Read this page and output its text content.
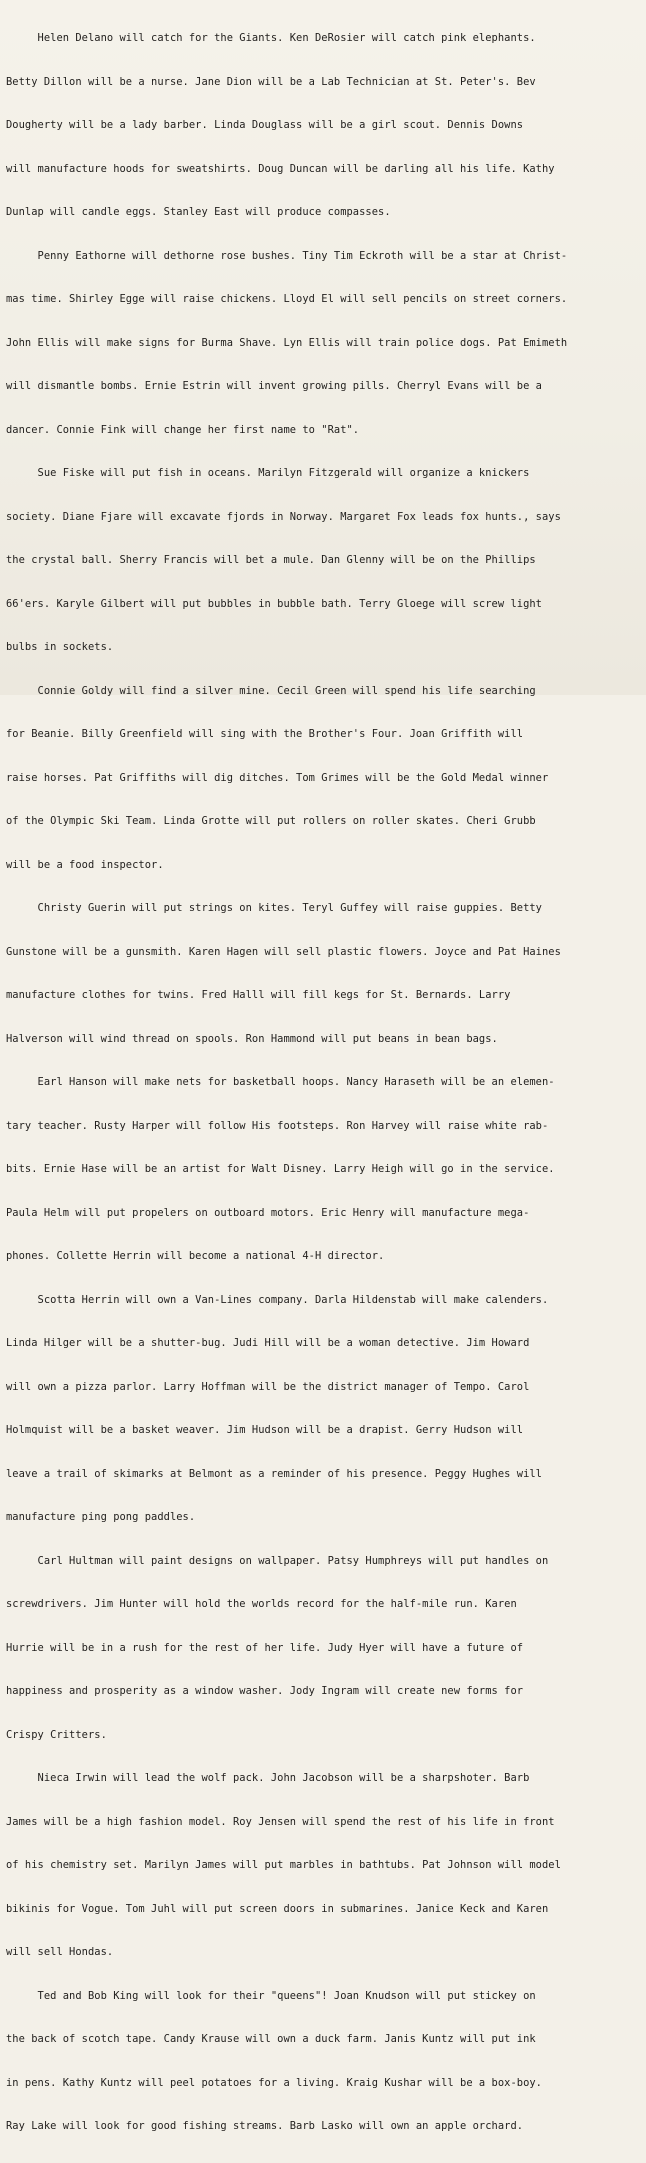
Helen Delano will catch for the Giants. Ken DeRosier will catch pink elephants.

Betty Dillon will be a nurse. Jane Dion will be a Lab Technician at St. Peter's. Bev

Dougherty will be a lady barber. Linda Douglass will be a girl scout. Dennis Downs

will manufacture hoods for sweatshirts. Doug Duncan will be darling all his life. Kathy

Dunlap will candle eggs. Stanley East will produce compasses.

Penny Eathorne will dethorne rose bushes. Tiny Tim Eckroth will be a star at Christ-

mas time. Shirley Egge will raise chickens. Lloyd El will sell pencils on street corners.

John Ellis will make signs for Burma Shave. Lyn Ellis will train police dogs. Pat Emimeth

will dismantle bombs. Ernie Estrin will invent growing pills. Cherryl Evans will be a

dancer. Connie Fink will change her first name to "Rat".

Sue Fiske will put fish in oceans. Marilyn Fitzgerald will organize a knickers

society. Diane Fjare will excavate fjords in Norway. Margaret Fox leads fox hunts., says

the crystal ball. Sherry Francis will bet a mule. Dan Glenny will be on the Phillips

66'ers. Karyle Gilbert will put bubbles in bubble bath. Terry Gloege will screw light

bulbs in sockets.

Connie Goldy will find a silver mine. Cecil Green will spend his life searching

for Beanie. Billy Greenfield will sing with the Brother's Four. Joan Griffith will

raise horses. Pat Griffiths will dig ditches. Tom Grimes will be the Gold Medal winner

of the Olympic Ski Team. Linda Grotte will put rollers on roller skates. Cheri Grubb

will be a food inspector.

Christy Guerin will put strings on kites. Teryl Guffey will raise guppies. Betty

Gunstone will be a gunsmith. Karen Hagen will sell plastic flowers. Joyce and Pat Haines

manufacture clothes for twins. Fred Halll will fill kegs for St. Bernards. Larry

Halverson will wind thread on spools. Ron Hammond will put beans in bean bags.

Earl Hanson will make nets for basketball hoops. Nancy Haraseth will be an elemen-

tary teacher. Rusty Harper will follow His footsteps. Ron Harvey will raise white rab-

bits. Ernie Hase will be an artist for Walt Disney. Larry Heigh will go in the service.

Paula Helm will put propelers on outboard motors. Eric Henry will manufacture mega-

phones. Collette Herrin will become a national 4-H director.

Scotta Herrin will own a Van-Lines company. Darla Hildenstab will make calenders.

Linda Hilger will be a shutter-bug. Judi Hill will be a woman detective. Jim Howard

will own a pizza parlor. Larry Hoffman will be the district manager of Tempo. Carol

Holmquist will be a basket weaver. Jim Hudson will be a drapist. Gerry Hudson will

leave a trail of skimarks at Belmont as a reminder of his presence. Peggy Hughes will

manufacture ping pong paddles.

Carl Hultman will paint designs on wallpaper. Patsy Humphreys will put handles on

screwdrivers. Jim Hunter will hold the worlds record for the half-mile run. Karen

Hurrie will be in a rush for the rest of her life. Judy Hyer will have a future of

happiness and prosperity as a window washer. Jody Ingram will create new forms for

Crispy Critters.

Nieca Irwin will lead the wolf pack. John Jacobson will be a sharpshoter. Barb

James will be a high fashion model. Roy Jensen will spend the rest of his life in front

of his chemistry set. Marilyn James will put marbles in bathtubs. Pat Johnson will model

bikinis for Vogue. Tom Juhl will put screen doors in submarines. Janice Keck and Karen

will sell Hondas.

Ted and Bob King will look for their "queens"! Joan Knudson will put stickey on

the back of scotch tape. Candy Krause will own a duck farm. Janis Kuntz will put ink

in pens. Kathy Kuntz will peel potatoes for a living. Kraig Kushar will be a box-boy.

Ray Lake will look for good fishing streams. Barb Lasko will own an apple orchard.
